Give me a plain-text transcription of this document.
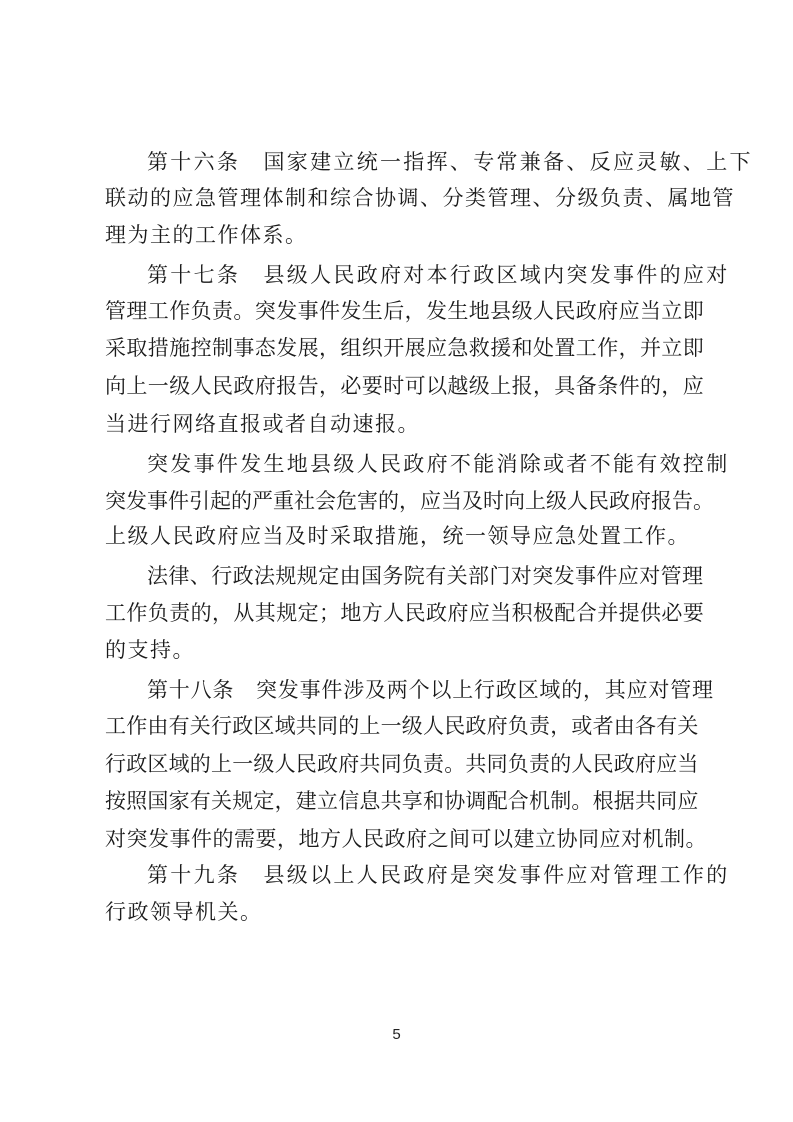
第十六条　国家建立统一指挥、专常兼备、反应灵敏、上下
联动的应急管理体制和综合协调、分类管理、分级负责、属地管
理为主的工作体系。
第十七条　县级人民政府对本行政区域内突发事件的应对
管理工作负责。突发事件发生后，发生地县级人民政府应当立即
采取措施控制事态发展，组织开展应急救援和处置工作，并立即
向上一级人民政府报告，必要时可以越级上报，具备条件的，应
当进行网络直报或者自动速报。
突发事件发生地县级人民政府不能消除或者不能有效控制
突发事件引起的严重社会危害的，应当及时向上级人民政府报告。
上级人民政府应当及时采取措施，统一领导应急处置工作。
法律、行政法规规定由国务院有关部门对突发事件应对管理
工作负责的，从其规定；地方人民政府应当积极配合并提供必要
的支持。
第十八条　突发事件涉及两个以上行政区域的，其应对管理
工作由有关行政区域共同的上一级人民政府负责，或者由各有关
行政区域的上一级人民政府共同负责。共同负责的人民政府应当
按照国家有关规定，建立信息共享和协调配合机制。根据共同应
对突发事件的需要，地方人民政府之间可以建立协同应对机制。
第十九条　县级以上人民政府是突发事件应对管理工作的
行政领导机关。
5
